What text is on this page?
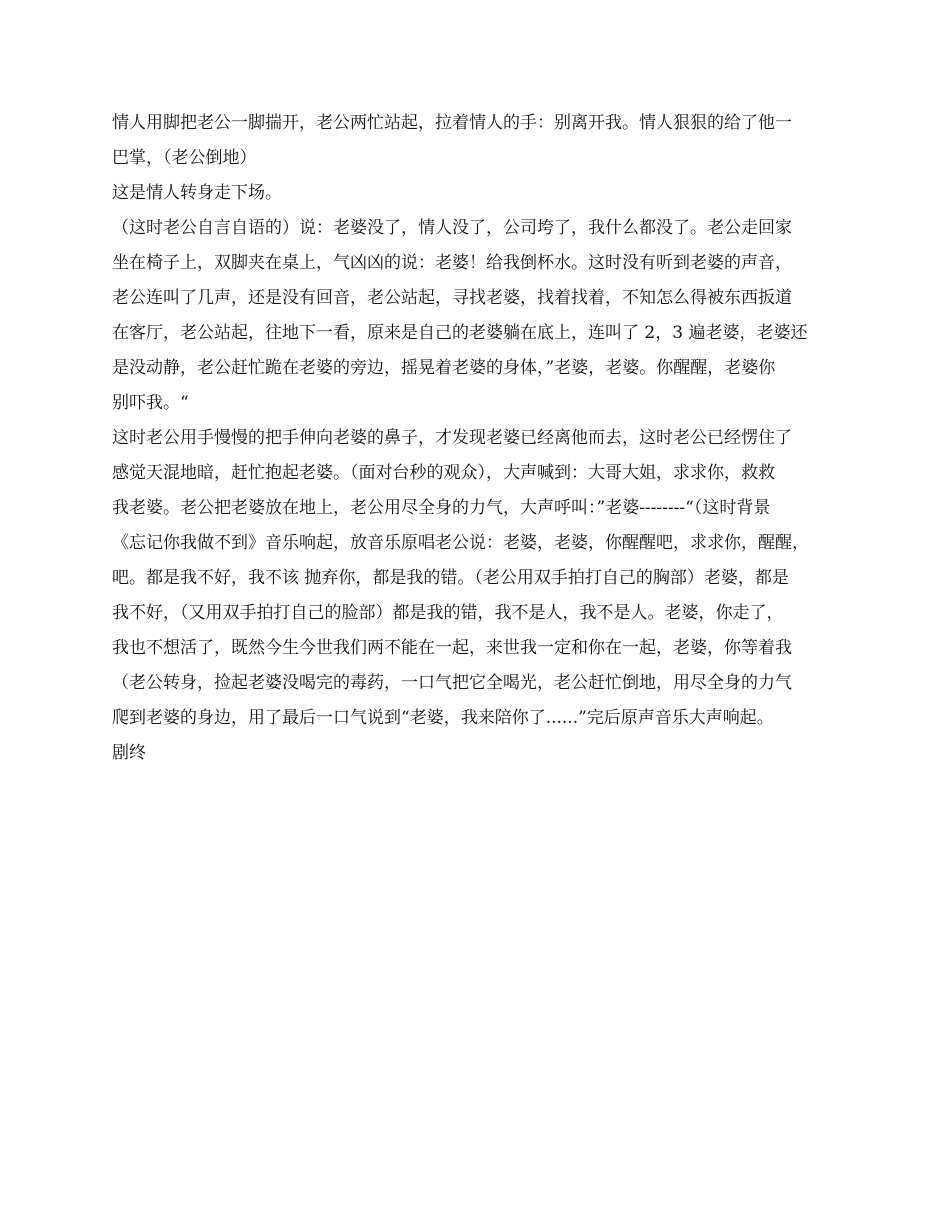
情人用脚把老公一脚揣开，老公两忙站起，拉着情人的手：别离开我。情人狠狠的给了他一

巴掌，（老公倒地）

这是情人转身走下场。

（这时老公自言自语的）说：老婆没了，情人没了，公司垮了，我什么都没了。老公走回家

坐在椅子上，双脚夹在桌上，气凶凶的说：老婆！给我倒杯水。这时没有听到老婆的声音，

老公连叫了几声，还是没有回音，老公站起，寻找老婆，找着找着，不知怎么得被东西扳道

在客厅，老公站起，往地下一看，原来是自己的老婆躺在底上，连叫了 2，3 遍老婆，老婆还

是没动静，老公赶忙跪在老婆的旁边，摇晃着老婆的身体，”老婆，老婆。你醒醒，老婆你

别吓我。“

这时老公用手慢慢的把手伸向老婆的鼻子，才发现老婆已经离他而去，这时老公已经愣住了

感觉天混地暗，赶忙抱起老婆。（面对台秒的观众），大声喊到：大哥大姐，求求你，救救

我老婆。老公把老婆放在地上，老公用尽全身的力气，大声呼叫：”老婆--------“（这时背景

《忘记你我做不到》音乐响起，放音乐原唱老公说：老婆，老婆，你醒醒吧，求求你，醒醒，

吧。都是我不好，我不该 抛弃你，都是我的错。（老公用双手拍打自己的胸部）老婆，都是

我不好，（又用双手拍打自己的脸部）都是我的错，我不是人，我不是人。老婆，你走了，

我也不想活了，既然今生今世我们两不能在一起，来世我一定和你在一起，老婆，你等着我

（老公转身，捡起老婆没喝完的毒药，一口气把它全喝光，老公赶忙倒地，用尽全身的力气

爬到老婆的身边，用了最后一口气说到“老婆，我来陪你了......”完后原声音乐大声响起。

剧终
